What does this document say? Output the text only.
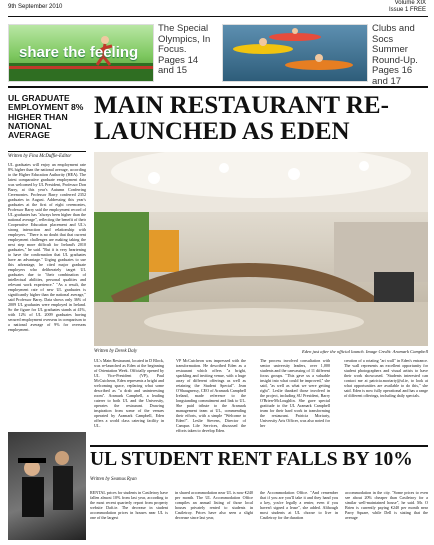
9th September 2010
Volume XIX
Issue 1 FREE
share the feeling
The Special Olympics, In Focus. Pages 14 and 15
Clubs and Socs Summer Round-Up. Pages 16 and 17
UL GRADUATE EMPLOYMENT 8% HIGHER THAN NATIONAL AVERAGE
Written by Fina McDuffie-Editor
UL graduates will enjoy an employment rate 8% higher than the national average, according to the Higher Education Authority (HEA). The latest comparative graduate employment data was welcomed by UL President, Professor Don Barry, at this year's Autumn Conferring Ceremonies. Professor Barry conferred 2352 graduates in August. Addressing this year's graduates at the first of eight ceremonies, Professor Barry said the employment record of UL graduates has "always been higher than the national average", reflecting the benefit of their Cooperative Education placement and UL's strong interaction and relationship with employers. "There is no doubt that that current employment challenges are making taking the next step more difficult for Ireland's 2010 graduates," he said. "But it is very heartening to have the confirmation that UL graduates have an advantage." Urging graduates to use this advantage, he cited major graduate employers who deliberately target UL graduates due to "their combination of intellectual abilities, personal qualities and relevant work experience." "As a result, the employment rate of new UL graduates is significantly higher than the national average," said Professor Barry. Data shows only 36% of 2009 UL graduates were employed in Ireland. So the figure for UL graduates stands at 41%, with 12% of UL 2009 graduates having secured employment overseas in comparison to a national average of 9% for overseas employment.
MAIN RESTAURANT RE-LAUNCHED AS EDEN
Eden just after the official launch. Image Credit: Aramark Campbell
Written by Derek Daly
UL's Main Restaurant, located in D Block, was re-launched as Eden at the beginning of Orientation Week. Officially opened by UL Vice-President (VP), Paul McCutcheon, Eden represents a bright and welcoming space, replacing what some described as "a drab and uninteresting room". Aramark Campbell, a leading caterer to both UL and the University, operates the restaurant. Drawing inspiration from some of the venues operated by Aramark Campbell, Eden offers a world class catering facility in UL.
VP McCutcheon was impressed with the transformation. He described Eden as a restaurant which offers "a bright, sparkling and inviting venue, with a huge array of different offerings as well as retaining the Student Special". Jean O'Shaugnessy, CEO of Aramark Campbell Ireland, made reference to the longstanding commitment and link to UL. She paid tribute to the Aramark management team at UL, commending their efforts, with a simple "Welcome to Eden!". Leslie Stevens, Director of Campus Life Services, discussed the efforts taken to develop Eden.
The process involved consultation with senior university leaders, over 1,000 students and the canvassing of 11 different focus groups. "This gave us a valuable insight into what could be improved," she said, "as well as what we were getting right". Leslie thanked those involved in the project, including SU President, Barry O'Brien-McLoughlin. She gave special gratitude to the UL Aramark Campbell team for their hard work in transforming the restaurant. Patricia Moriarty, University Arts Officer, was also noted for her
creation of a rotating "art wall" in Eden's entrance. The wall represents an excellent opportunity for student photographers and visual artists to have their work showcased. "Students interested can contact me at patricia.moriarty@ul.ie, to look at what opportunities are available to do this," she said. Eden is now fully operational and has a range of different offerings, including daily specials.
UL STUDENT RENT FALLS BY 10%
Written by Seamus Ryan
RENTAL prices for students in Castletroy have fallen almost 10% from last year, according to the most recent quarterly report from property website Daft.ie. The decrease in student accommodation prices in houses near UL is one of the largest
in shared accommodation near UL is now €240 per month. The UL Accommodation Office compiles an annual listing of those local houses privately rented to students in Castletroy. Prices have also seen a slight decrease since last year,
the Accommodation Office. "And remember that if you are you'll take it and they hand you a key, you're legally a renter, even if you haven't signed a lease", she added. Although most students at UL choose to live in Castletroy for the duration
accommodation in the city. "Some prices to even see about 20% cheaper than Castletroy for a similar well-maintained house", he said. Mr. O Brien is currently paying €240 per month near Parry Square, while Dell is stating that the average
